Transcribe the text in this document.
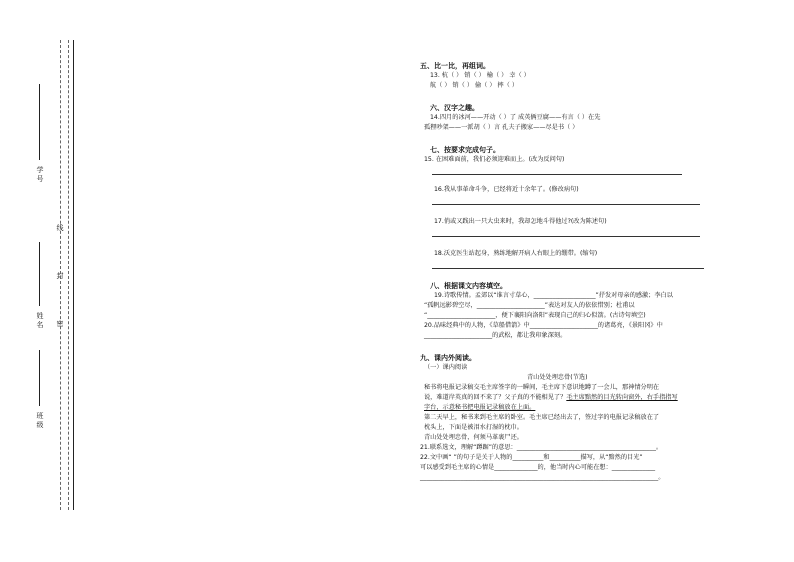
学号
姓名
班级
线
封
密
五、比一比，再组词。
13. 杭（ ） 销（ ） 榆（ ） 幸（ ）
航（ ） 销（ ） 偷（ ） 摔（ ）
六、汉字之趣。
14.四月的冰河——开动（ ）了 成英俩豆腐——有言（ ）在先
孤狸吵架——一派胡（ ）言 孔夫子搬家——尽是书（ ）
七、按要求完成句子。
15. 在困难面前，我们必须迎难而上。(改为反问句)
16.我从事革命斗争，已经将近十余年了。(修改病句)
17.俏或又践出一只大虫来时，我却怎地斗得他过?(改为陈述句)
18.沃克医生站起身，熟练地解开病人右眼上的绷带。(缩句)
八、根据课文内容填空。
19.诗歌传情。孟郊以“谁言寸草心，____________________”抒发对母亲的感激；李白以
“孤帆远影碧空尽，______________________”表达对友人的依依惜别；杜甫以
“______________________，便下襄阳向洛阳”表现自己的归心似箭。(古诗句填空)
20.品味经典中的人物，《草船借箭》中______________________的诸葛亮，《景阳冈》中
______________________的武松，都让我印象深刻。
九、课内外阅读。
（一）课内阅读
青山处处埋忠骨(节选)
秘书将电报记录稿交毛主席签字的一瞬间，毛主席下意识地蹲了一会儿，那神情分明在
说，难道岸英真的回不来了？父子真的不能相见了？毛主席黯然的目光转向窗外，右手指指写
字台，示意秘书把电报记录稿放在上面。
第二天早上，秘书来到毛主席的卧室。毛主席已经出去了，签过字的电报记录稿放在了
枕头上，下面是被泪水打湿的枕巾。
青山处处埋忠骨，何须马革裹尸还。
21.联系选文，理解“蹲踞”的意思：_____________________________________________。
22.文中画“ ”的句子是关于人物的__________和__________描写，从“黯然的目光”
可以感受到毛主席的心情是______________的，他当时内心可能在想：______________
_____________________________________________________________________________。
